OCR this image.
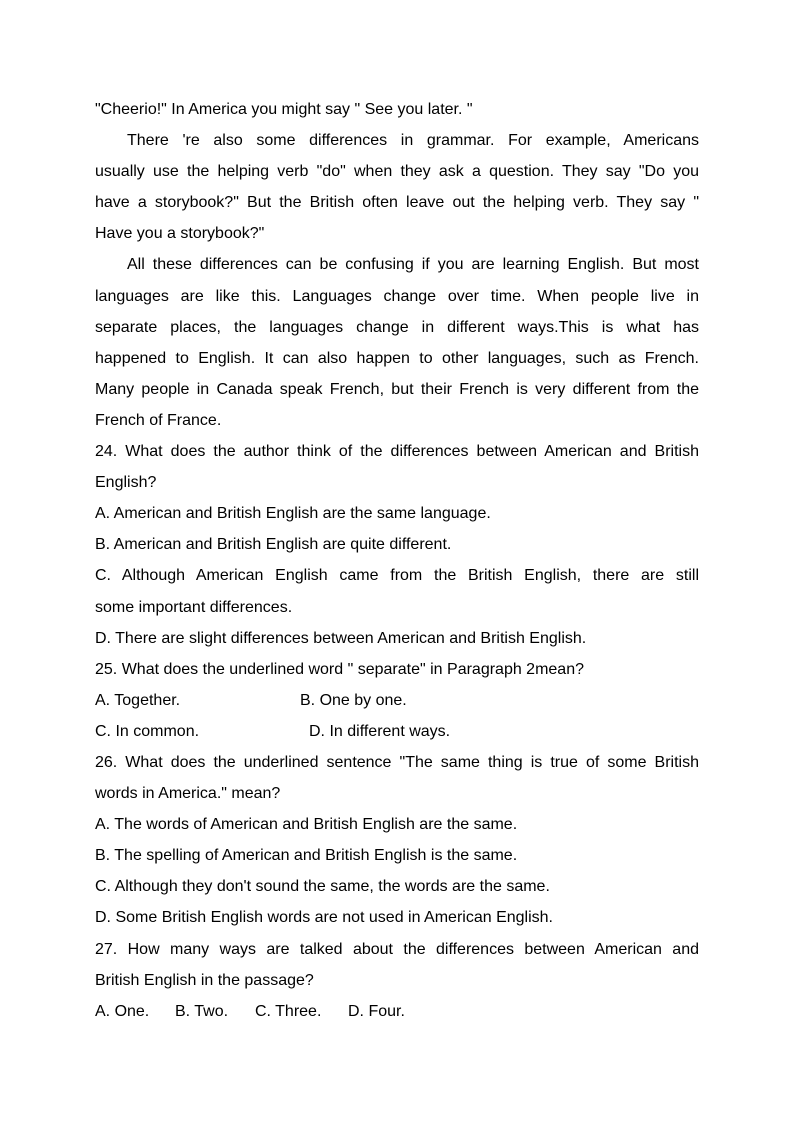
"Cheerio!" In America you might say " See you later. "
There 're also some differences in grammar. For example, Americans
usually use the helping verb "do" when they ask a question. They say "Do you
have a storybook?" But the British often leave out the helping verb. They say "
Have you a storybook?"
All these differences can be confusing if you are learning English. But most
languages are like this. Languages change over time. When people live in
separate places, the languages change in different ways.This is what has
happened to English. It can also happen to other languages, such as French.
Many people in Canada speak French, but their French is very different from the
French of France.
24. What does the author think of the differences between American and British
English?
A. American and British English are the same language.
B. American and British English are quite different.
C. Although American English came from the British English, there are still
some important differences.
D. There are slight differences between American and British English.
25. What does the underlined word " separate" in Paragraph 2mean?
A. Together.	B. One by one.
C. In common.	D. In different ways.
26. What does the underlined sentence "The same thing is true of some British
words in America." mean?
A. The words of American and British English are the same.
B. The spelling of American and British English is the same.
C. Although they don't sound the same, the words are the same.
D. Some British English words are not used in American English.
27. How many ways are talked about the differences between American and
British English in the passage?
A. One. B. Two. C. Three. D. Four.
